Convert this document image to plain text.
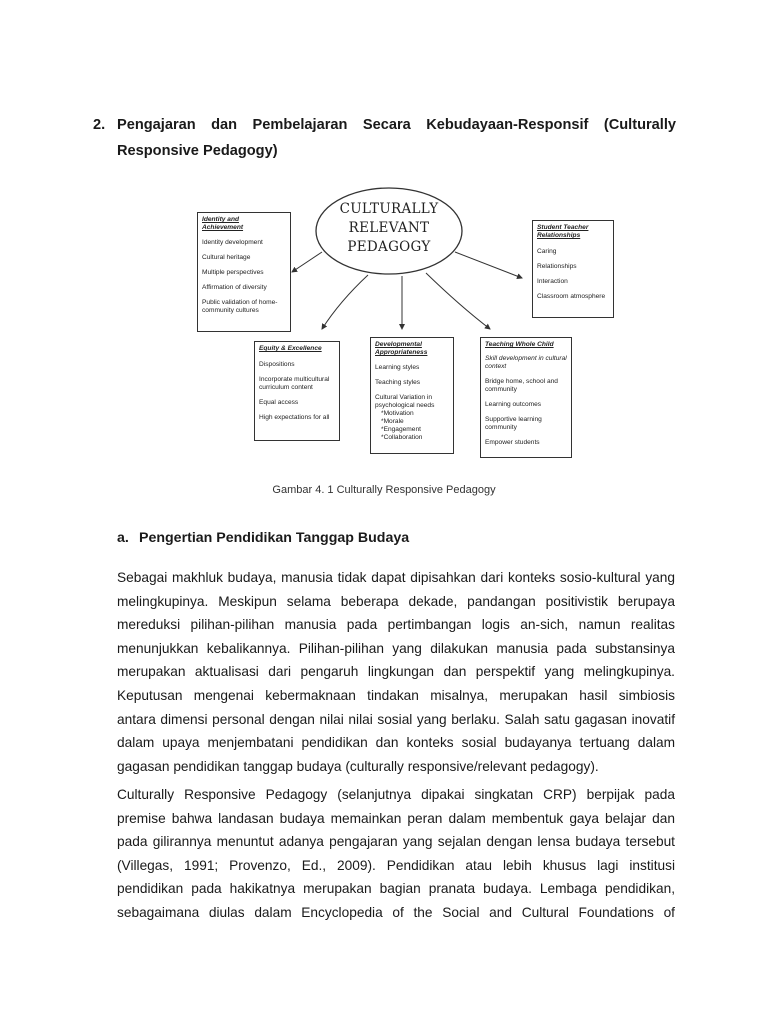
2. Pengajaran dan Pembelajaran Secara Kebudayaan-Responsif (Culturally
Responsive Pedagogy)
CULTURALLY
RELEVANT
PEDAGOGY
Identity and
Achievement
Identity development
Cultural heritage
Multiple perspectives
Affirmation of diversity
Public validation of home-community cultures
Student Teacher
Relationships
Caring
Relationships
Interaction
Classroom atmosphere
Equity & Excellence
Dispositions
Incorporate multicultural curriculum content
Equal access
High expectations for all
Developmental
Appropriateness
Learning styles
Teaching styles
Cultural Variation in psychological needs
*Motivation
*Morale
*Engagement
*Collaboration
Teaching Whole Child
Skill development in cultural context
Bridge home, school and community
Learning outcomes
Supportive learning community
Empower students
Gambar 4. 1 Culturally Responsive Pedagogy
a. Pengertian Pendidikan Tanggap Budaya
Sebagai makhluk budaya, manusia tidak dapat dipisahkan dari konteks sosio-kultural yang
melingkupinya. Meskipun selama beberapa dekade, pandangan positivistik berupaya
mereduksi pilihan-pilihan manusia pada pertimbangan logis an-sich, namun realitas
menunjukkan kebalikannya. Pilihan-pilihan yang dilakukan manusia pada substansinya
merupakan aktualisasi dari pengaruh lingkungan dan perspektif yang melingkupinya.
Keputusan mengenai kebermaknaan tindakan misalnya, merupakan hasil simbiosis
antara dimensi personal dengan nilai nilai sosial yang berlaku. Salah satu gagasan inovatif
dalam upaya menjembatani pendidikan dan konteks sosial budayanya tertuang dalam
gagasan pendidikan tanggap budaya (culturally responsive/relevant pedagogy).
Culturally Responsive Pedagogy (selanjutnya dipakai singkatan CRP) berpijak pada
premise bahwa landasan budaya memainkan peran dalam membentuk gaya belajar dan
pada gilirannya menuntut adanya pengajaran yang sejalan dengan lensa budaya tersebut
(Villegas, 1991; Provenzo, Ed., 2009). Pendidikan atau lebih khusus lagi institusi
pendidikan pada hakikatnya merupakan bagian pranata budaya. Lembaga pendidikan,
sebagaimana diulas dalam Encyclopedia of the Social and Cultural Foundations of
